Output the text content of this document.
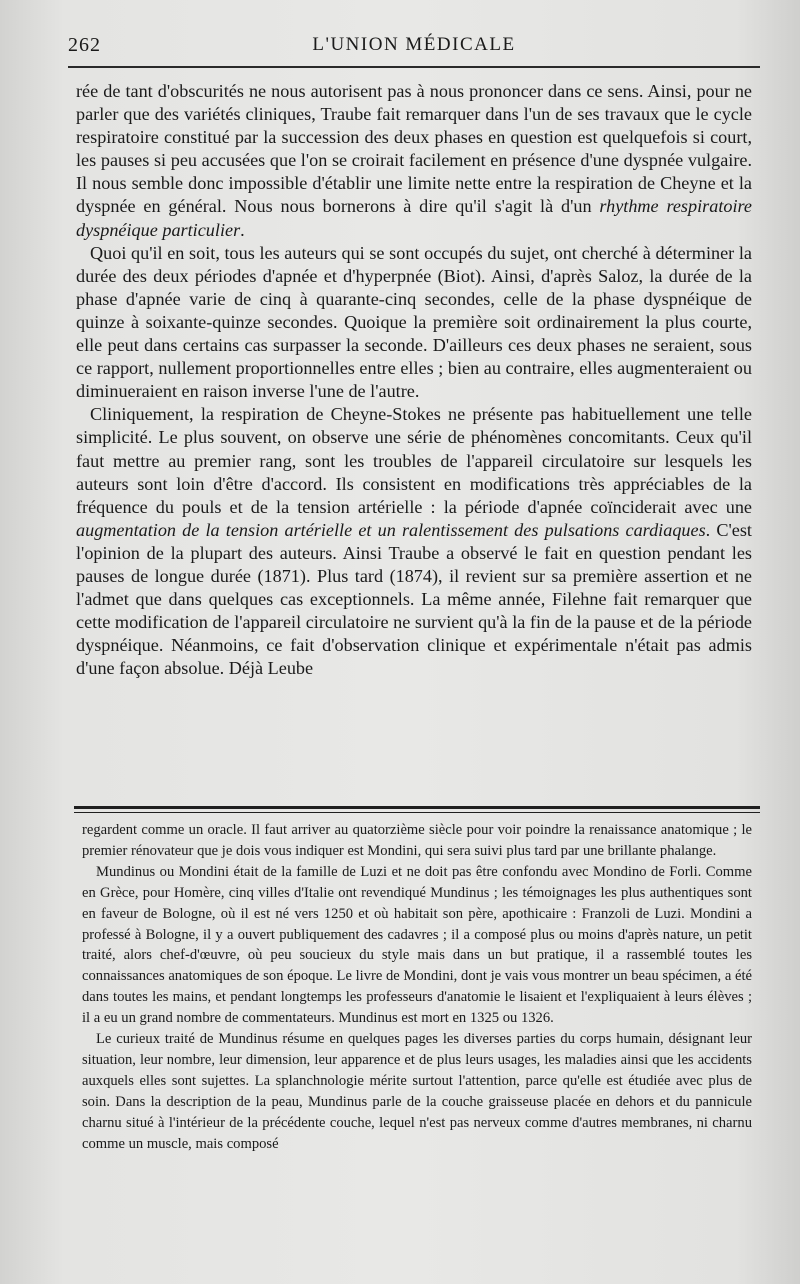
262	L'UNION MÉDICALE

rée de tant d'obscurités ne nous autorisent pas à nous prononcer dans ce sens. Ainsi, pour ne parler que des variétés cliniques, Traube fait remarquer dans l'un de ses travaux que le cycle respiratoire constitué par la succession des deux phases en question est quelquefois si court, les pauses si peu accusées que l'on se croirait facilement en présence d'une dyspnée vulgaire. Il nous semble donc impossible d'établir une limite nette entre la respiration de Cheyne et la dyspnée en général. Nous nous bornerons à dire qu'il s'agit là d'un rhythme respiratoire dyspnéique particulier.

Quoi qu'il en soit, tous les auteurs qui se sont occupés du sujet, ont cherché à déterminer la durée des deux périodes d'apnée et d'hyperpnée (Biot). Ainsi, d'après Saloz, la durée de la phase d'apnée varie de cinq à quarante-cinq secondes, celle de la phase dyspnéique de quinze à soixante-quinze secondes. Quoique la première soit ordinairement la plus courte, elle peut dans certains cas surpasser la seconde. D'ailleurs ces deux phases ne seraient, sous ce rapport, nullement proportionnelles entre elles ; bien au contraire, elles augmenteraient ou diminueraient en raison inverse l'une de l'autre.

Cliniquement, la respiration de Cheyne-Stokes ne présente pas habituellement une telle simplicité. Le plus souvent, on observe une série de phénomènes concomitants. Ceux qu'il faut mettre au premier rang, sont les troubles de l'appareil circulatoire sur lesquels les auteurs sont loin d'être d'accord. Ils consistent en modifications très appréciables de la fréquence du pouls et de la tension artérielle : la période d'apnée coïnciderait avec une augmentation de la tension artérielle et un ralentissement des pulsations cardiaques. C'est l'opinion de la plupart des auteurs. Ainsi Traube a observé le fait en question pendant les pauses de longue durée (1871). Plus tard (1874), il revient sur sa première assertion et ne l'admet que dans quelques cas exceptionnels. La même année, Filehne fait remarquer que cette modification de l'appareil circulatoire ne survient qu'à la fin de la pause et de la période dyspnéique. Néanmoins, ce fait d'observation clinique et expérimentale n'était pas admis d'une façon absolue. Déjà Leube

regardent comme un oracle. Il faut arriver au quatorzième siècle pour voir poindre la renaissance anatomique ; le premier rénovateur que je dois vous indiquer est Mondini, qui sera suivi plus tard par une brillante phalange.

Mundinus ou Mondini était de la famille de Luzi et ne doit pas être confondu avec Mondino de Forli. Comme en Grèce, pour Homère, cinq villes d'Italie ont revendiqué Mundinus ; les témoignages les plus authentiques sont en faveur de Bologne, où il est né vers 1250 et où habitait son père, apothicaire : Franzoli de Luzi. Mondini a professé à Bologne, il y a ouvert publiquement des cadavres ; il a composé plus ou moins d'après nature, un petit traité, alors chef-d'œuvre, où peu soucieux du style mais dans un but pratique, il a rassemblé toutes les connaissances anatomiques de son époque. Le livre de Mondini, dont je vais vous montrer un beau spécimen, a été dans toutes les mains, et pendant longtemps les professeurs d'anatomie le lisaient et l'expliquaient à leurs élèves ; il a eu un grand nombre de commentateurs. Mundinus est mort en 1325 ou 1326.

Le curieux traité de Mundinus résume en quelques pages les diverses parties du corps humain, désignant leur situation, leur nombre, leur dimension, leur apparence et de plus leurs usages, les maladies ainsi que les accidents auxquels elles sont sujettes. La splanchnologie mérite surtout l'attention, parce qu'elle est étudiée avec plus de soin. Dans la description de la peau, Mundinus parle de la couche graisseuse placée en dehors et du pannicule charnu situé à l'intérieur de la précédente couche, lequel n'est pas nerveux comme d'autres membranes, ni charnu comme un muscle, mais composé
